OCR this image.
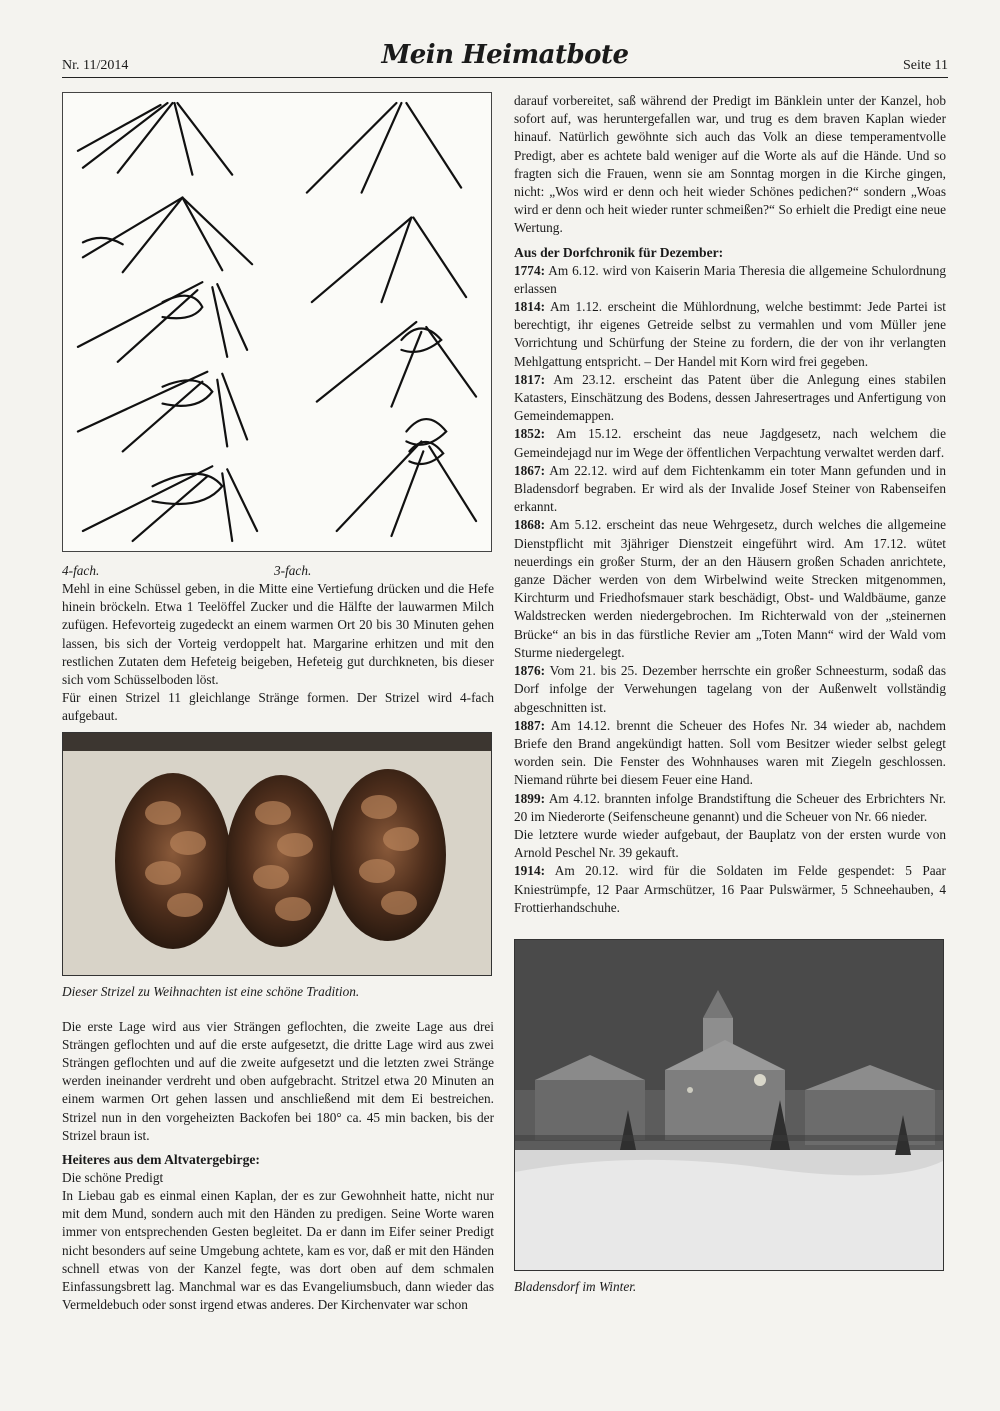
Nr. 11/2014	Mein Heimatbote	Seite 11
4-fach.	3-fach.

Mehl in eine Schüssel geben, in die Mitte eine Vertiefung drücken und die Hefe hinein bröckeln. Etwa 1 Teelöffel Zucker und die Hälfte der lauwarmen Milch zufügen. Hefevorteig zugedeckt an einem warmen Ort 20 bis 30 Minuten gehen lassen, bis sich der Vorteig verdoppelt hat. Margarine erhitzen und mit den restlichen Zutaten dem Hefeteig beigeben, Hefeteig gut durchkneten, bis dieser sich vom Schüsselboden löst.

Für einen Strizel 11 gleichlange Stränge formen. Der Strizel wird 4-fach aufgebaut.

Dieser Strizel zu Weihnachten ist eine schöne Tradition.

Die erste Lage wird aus vier Strängen geflochten, die zweite Lage aus drei Strängen geflochten und auf die erste aufgesetzt, die dritte Lage wird aus zwei Strängen geflochten und auf die zweite aufgesetzt und die letzten zwei Stränge werden ineinander verdreht und oben aufgebracht. Stritzel etwa 20 Minuten an einem warmen Ort gehen lassen und anschließend mit dem Ei bestreichen. Strizel nun in den vorgeheizten Backofen bei 180° ca. 45 min backen, bis der Strizel braun ist.

Heiteres aus dem Altvatergebirge:
Die schöne Predigt

In Liebau gab es einmal einen Kaplan, der es zur Gewohnheit hatte, nicht nur mit dem Mund, sondern auch mit den Händen zu predigen. Seine Worte waren immer von entsprechenden Gesten begleitet. Da er dann im Eifer seiner Predigt nicht besonders auf seine Umgebung achtete, kam es vor, daß er mit den Händen schnell etwas von der Kanzel fegte, was dort oben auf dem schmalen Einfassungsbrett lag. Manchmal war es das Evangeliumsbuch, dann wieder das Vermeldebuch oder sonst irgend etwas anderes. Der Kirchenvater war schon

darauf vorbereitet, saß während der Predigt im Bänklein unter der Kanzel, hob sofort auf, was heruntergefallen war, und trug es dem braven Kaplan wieder hinauf. Natürlich gewöhnte sich auch das Volk an diese temperamentvolle Predigt, aber es achtete bald weniger auf die Worte als auf die Hände. Und so fragten sich die Frauen, wenn sie am Sonntag morgen in die Kirche gingen, nicht: „Wos wird er denn och heit wieder Schönes pedichen?“ sondern „Woas wird er denn och heit wieder runter schmeißen?“ So erhielt die Predigt eine neue Wertung.

Aus der Dorfchronik für Dezember:

1774: Am 6.12. wird von Kaiserin Maria Theresia die allgemeine Schulordnung erlassen

1814: Am 1.12. erscheint die Mühlordnung, welche bestimmt: Jede Partei ist berechtigt, ihr eigenes Getreide selbst zu vermahlen und vom Müller jene Vorrichtung und Schürfung der Steine zu fordern, die der von ihr verlangten Mehlgattung entspricht. – Der Handel mit Korn wird frei gegeben.

1817: Am 23.12. erscheint das Patent über die Anlegung eines stabilen Katasters, Einschätzung des Bodens, dessen Jahresertrages und Anfertigung von Gemeindemappen.

1852: Am 15.12. erscheint das neue Jagdgesetz, nach welchem die Gemeindejagd nur im Wege der öffentlichen Verpachtung verwaltet werden darf.

1867: Am 22.12. wird auf dem Fichtenkamm ein toter Mann gefunden und in Bladensdorf begraben. Er wird als der Invalide Josef Steiner von Rabenseifen erkannt.

1868: Am 5.12. erscheint das neue Wehrgesetz, durch welches die allgemeine Dienstpflicht mit 3jähriger Dienstzeit eingeführt wird. Am 17.12. wütet neuerdings ein großer Sturm, der an den Häusern großen Schaden anrichtete, ganze Dächer werden von dem Wirbelwind weite Strecken mitgenommen, Kirchturm und Friedhofsmauer stark beschädigt, Obst- und Waldbäume, ganze Waldstrecken werden niedergebrochen. Im Richterwald von der „steinernen Brücke“ an bis in das fürstliche Revier am „Toten Mann“ wird der Wald vom Sturme niedergelegt.

1876: Vom 21. bis 25. Dezember herrschte ein großer Schneesturm, sodaß das Dorf infolge der Verwehungen tagelang von der Außenwelt vollständig abgeschnitten ist.

1887: Am 14.12. brennt die Scheuer des Hofes Nr. 34 wieder ab, nachdem Briefe den Brand angekündigt hatten. Soll vom Besitzer wieder selbst gelegt worden sein. Die Fenster des Wohnhauses waren mit Ziegeln geschlossen. Niemand rührte bei diesem Feuer eine Hand.

1899: Am 4.12. brannten infolge Brandstiftung die Scheuer des Erbrichters Nr. 20 im Niederorte (Seifenscheune genannt) und die Scheuer von Nr. 66 nieder.

Die letztere wurde wieder aufgebaut, der Bauplatz von der ersten wurde von Arnold Peschel Nr. 39 gekauft.

1914: Am 20.12. wird für die Soldaten im Felde gespendet: 5 Paar Kniestrümpfe, 12 Paar Armschützer, 16 Paar Pulswärmer, 5 Schneehauben, 4 Frottierhandschuhe.

Bladensdorf im Winter.
